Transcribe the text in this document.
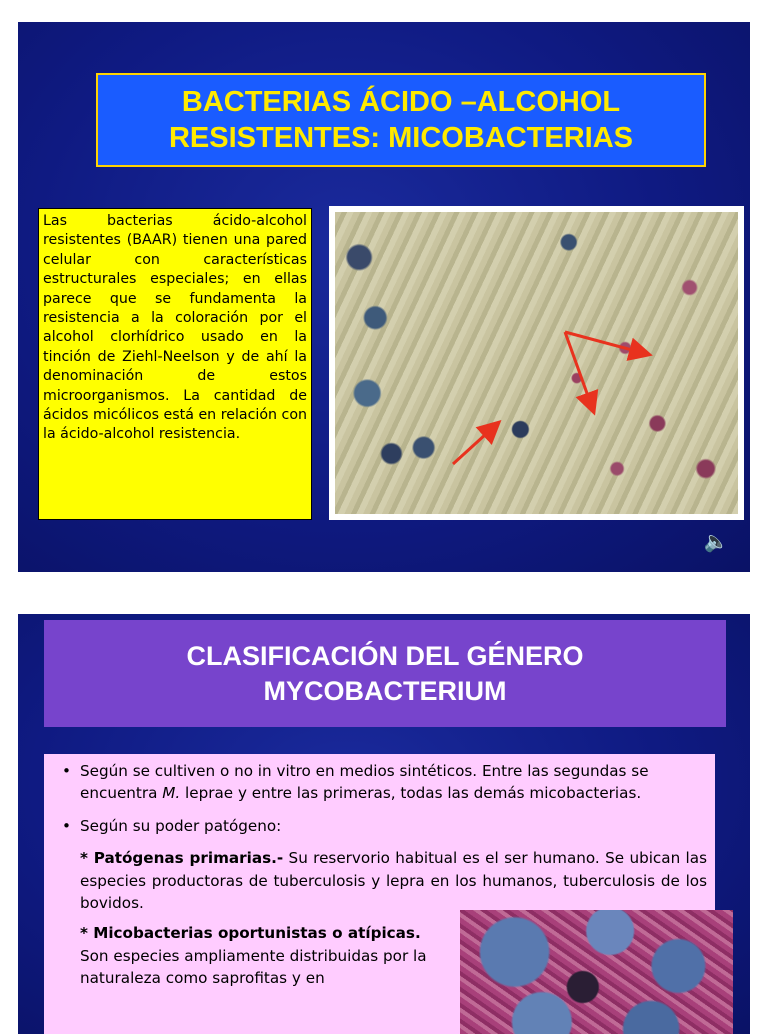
BACTERIAS ÁCIDO –ALCOHOL
RESISTENTES: MICOBACTERIAS
Las bacterias ácido-alcohol resistentes (BAAR) tienen una pared celular con características estructurales especiales; en ellas parece que se fundamenta la resistencia a la coloración por el alcohol clorhídrico usado en la tinción de Ziehl-Neelson y de ahí la denominación de estos microorganismos. La cantidad de ácidos micólicos está en relación con la ácido-alcohol resistencia.
🔈
CLASIFICACIÓN DEL GÉNERO
MYCOBACTERIUM
• Según se cultiven o no in vitro en medios sintéticos. Entre las segundas se encuentra M. leprae y entre las primeras, todas las demás micobacterias.
• Según su poder patógeno:
* Patógenas primarias.- Su reservorio habitual es el ser humano. Se ubican las especies productoras de tuberculosis y lepra en los humanos, tuberculosis de los bovidos.
* Micobacterias oportunistas o atípicas.
Son especies ampliamente distribuidas por la naturaleza como saprofitas y en
